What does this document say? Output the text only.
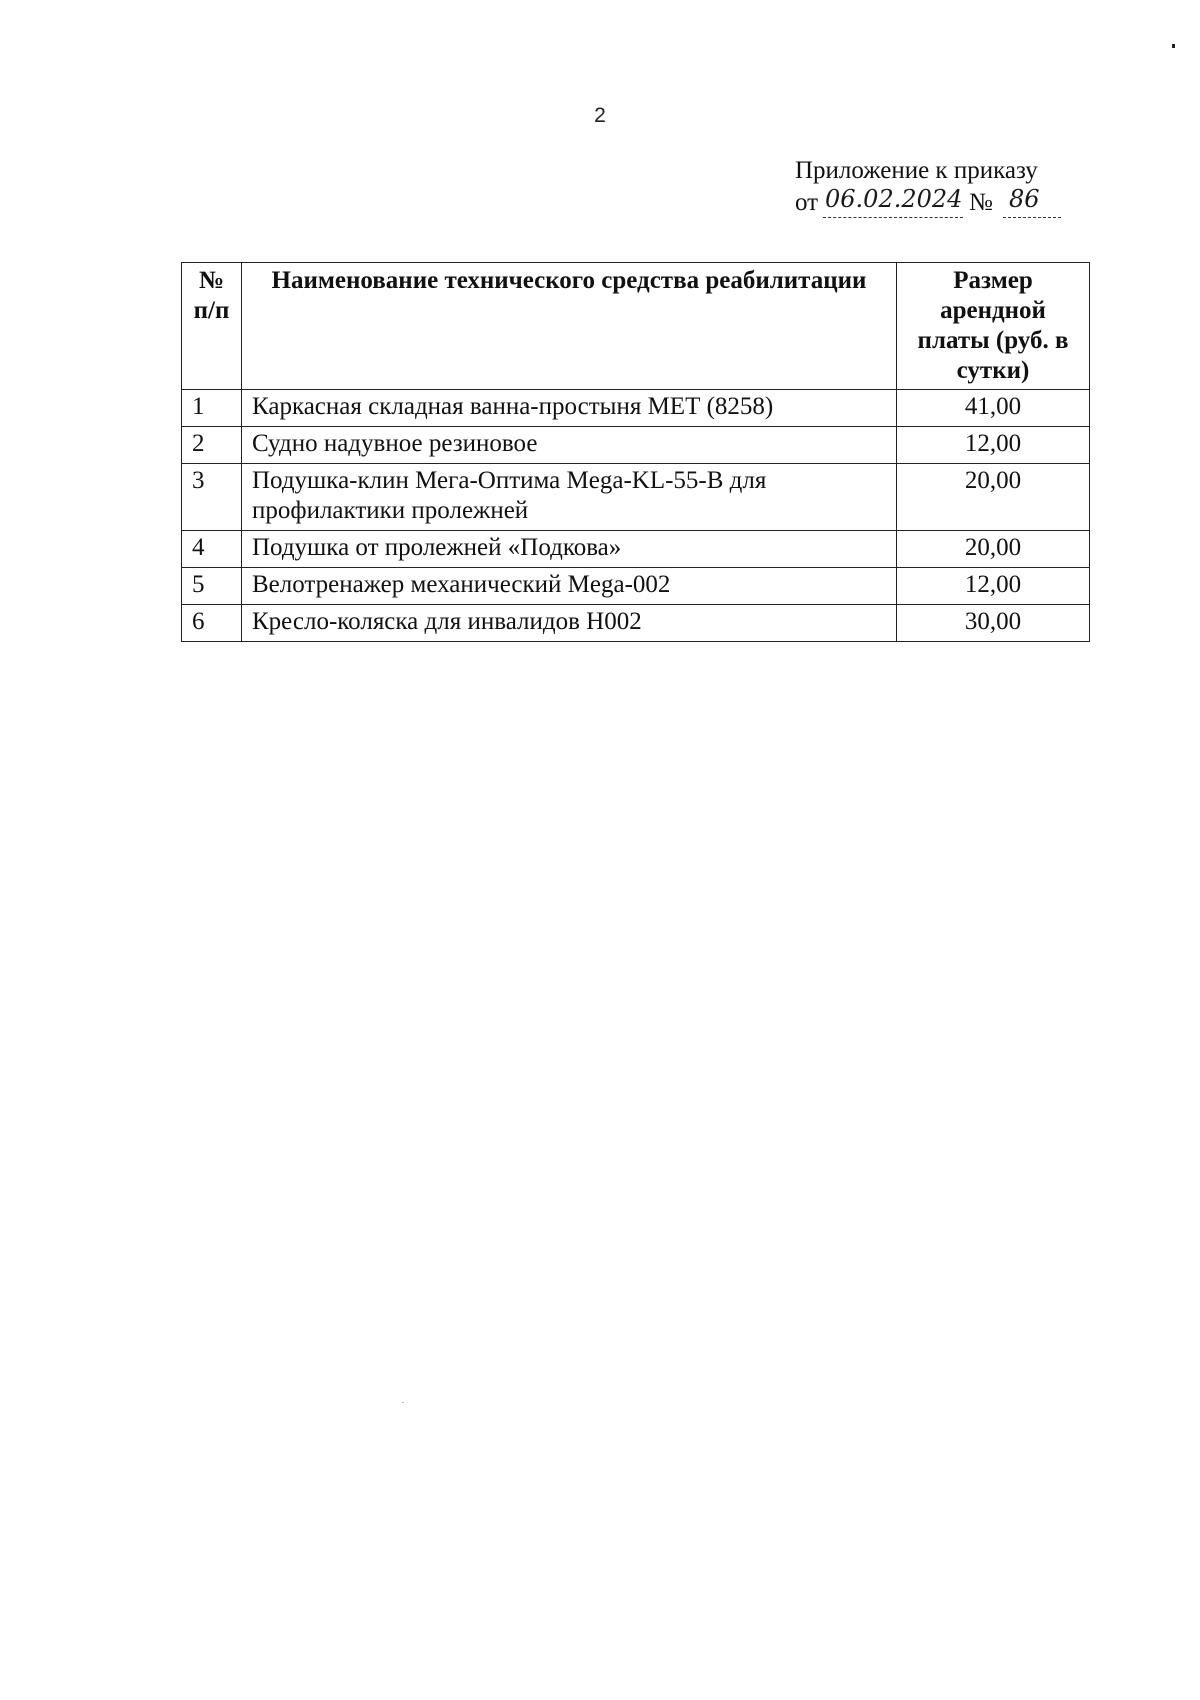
2
Приложение к приказу
от 06.02.2024 № 86
№ п/п	Наименование технического средства реабилитации	Размер арендной платы (руб. в сутки)
1	Каркасная складная ванна-простыня МЕТ (8258)	41,00
2	Судно надувное резиновое	12,00
3	Подушка-клин Мега-Оптима Mega-KL-55-B для профилактики пролежней	20,00
4	Подушка от пролежней «Подкова»	20,00
5	Велотренажер механический Mega-002	12,00
6	Кресло-коляска для инвалидов H002	30,00
